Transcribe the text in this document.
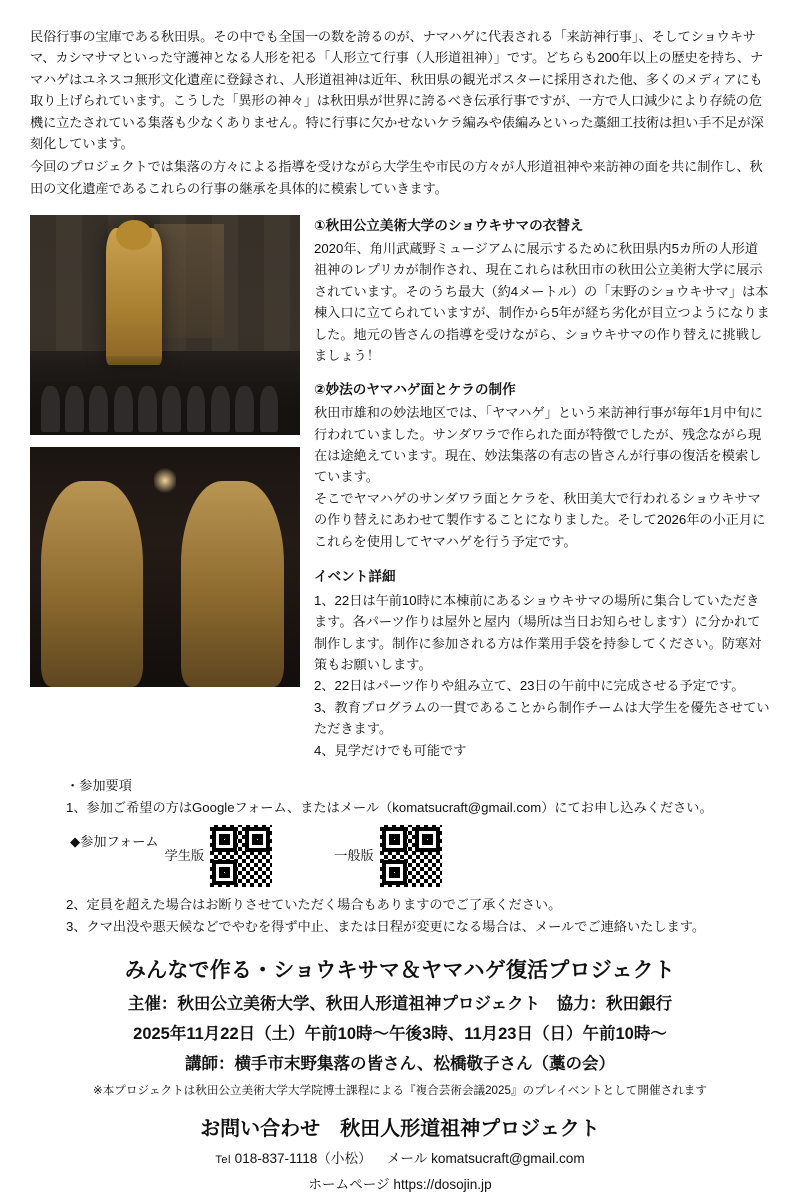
民俗行事の宝庫である秋田県。その中でも全国一の数を誇るのが、ナマハゲに代表される「来訪神行事」、そしてショウキサマ、カシマサマといった守護神となる人形を祀る「人形立て行事（人形道祖神）」です。どちらも200年以上の歴史を持ち、ナマハゲはユネスコ無形文化遺産に登録され、人形道祖神は近年、秋田県の観光ポスターに採用された他、多くのメディアにも取り上げられています。こうした「異形の神々」は秋田県が世界に誇るべき伝承行事ですが、一方で人口減少により存続の危機に立たされている集落も少なくありません。特に行事に欠かせないケラ編みや俵編みといった藁細工技術は担い手不足が深刻化しています。

今回のプロジェクトでは集落の方々による指導を受けながら大学生や市民の方々が人形道祖神や来訪神の面を共に制作し、秋田の文化遺産であるこれらの行事の継承を具体的に模索していきます。

①秋田公立美術大学のショウキサマの衣替え

2020年、角川武蔵野ミュージアムに展示するために秋田県内5カ所の人形道祖神のレプリカが制作され、現在これらは秋田市の秋田公立美術大学に展示されています。そのうち最大（約4メートル）の「末野のショウキサマ」は本棟入口に立てられていますが、制作から5年が経ち劣化が目立つようになりました。地元の皆さんの指導を受けながら、ショウキサマの作り替えに挑戦しましょう！

②妙法のヤマハゲ面とケラの制作

秋田市雄和の妙法地区では、「ヤマハゲ」という来訪神行事が毎年1月中旬に行われていました。サンダワラで作られた面が特徴でしたが、残念ながら現在は途絶えています。現在、妙法集落の有志の皆さんが行事の復活を模索しています。

そこでヤマハゲのサンダワラ面とケラを、秋田美大で行われるショウキサマの作り替えにあわせて製作することになりました。そして2026年の小正月にこれらを使用してヤマハゲを行う予定です。

イベント詳細

1、22日は午前10時に本棟前にあるショウキサマの場所に集合していただきます。各パーツ作りは屋外と屋内（場所は当日お知らせします）に分かれて制作します。制作に参加される方は作業用手袋を持参してください。防寒対策もお願いします。

2、22日はパーツ作りや組み立て、23日の午前中に完成させる予定です。

3、教育プログラムの一貫であることから制作チームは大学生を優先させていただきます。

4、見学だけでも可能です

・参加要項

1、参加ご希望の方はGoogleフォーム、またはメール（komatsucraft@gmail.com）にてお申し込みください。

◆参加フォーム
学生版	一般版

2、定員を超えた場合はお断りさせていただく場合もありますのでご了承ください。

3、クマ出没や悪天候などでやむを得ず中止、または日程が変更になる場合は、メールでご連絡いたします。

みんなで作る・ショウキサマ＆ヤマハゲ復活プロジェクト

主催：秋田公立美術大学、秋田人形道祖神プロジェクト　協力：秋田銀行

2025年11月22日（土）午前10時〜午後3時、11月23日（日）午前10時〜

講師：横手市末野集落の皆さん、松橋敬子さん（藁の会）

※本プロジェクトは秋田公立美術大学大学院博士課程による『複合芸術会議2025』のプレイベントとして開催されます

お問い合わせ　秋田人形道祖神プロジェクト

Tel 018-837-1118（小松） メール komatsucraft@gmail.com

ホームページ https://dosojin.jp
